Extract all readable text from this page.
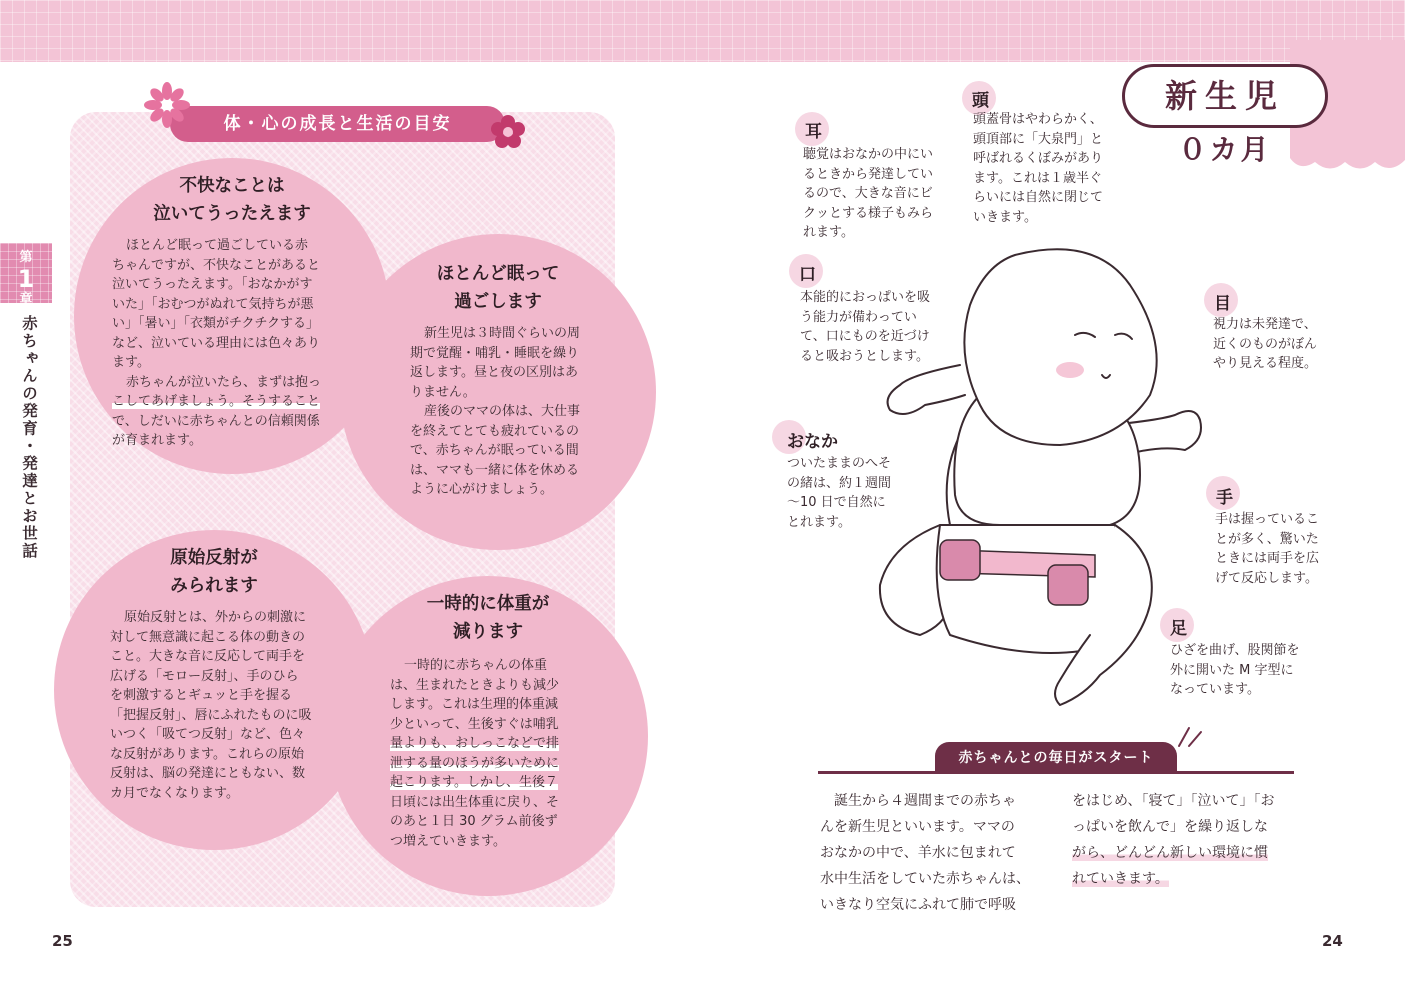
第
1
章
赤ちゃんの発育・発達とお世話
体・心の成長と生活の目安
不快なことは
泣いてうったえます
ほとんど眠って過ごしている赤
ちゃんですが、不快なことがあると
泣いてうったえます。「おなかがす
いた」「おむつがぬれて気持ちが悪
い」「暑い」「衣類がチクチクする」
など、泣いている理由には色々あり
ます。
赤ちゃんが泣いたら、まずは抱っ
こしてあげましょう。そうすること
で、しだいに赤ちゃんとの信頼関係
が育まれます。
ほとんど眠って
過ごします
新生児は３時間ぐらいの周
期で覚醒・哺乳・睡眠を繰り
返します。昼と夜の区別はあ
りません。
産後のママの体は、大仕事
を終えてとても疲れているの
で、赤ちゃんが眠っている間
は、ママも一緒に体を休める
ように心がけましょう。
原始反射が
みられます
原始反射とは、外からの刺激に
対して無意識に起こる体の動きの
こと。大きな音に反応して両手を
広げる「モロー反射」、手のひら
を刺激するとギュッと手を握る
「把握反射」、唇にふれたものに吸
いつく「吸てつ反射」など、色々
な反射があります。これらの原始
反射は、脳の発達にともない、数
カ月でなくなります。
一時的に体重が
減ります
一時的に赤ちゃんの体重
は、生まれたときよりも減少
します。これは生理的体重減
少といって、生後すぐは哺乳
量よりも、おしっこなどで排
泄する量のほうが多いために
起こります。しかし、生後７
日頃には出生体重に戻り、そ
のあと１日 30 グラム前後ず
つ増えていきます。
25
新生児
０カ月
耳
聴覚はおなかの中にい
るときから発達してい
るので、大きな音にビ
クッとする様子もみら
れます。
頭
頭蓋骨はやわらかく、
頭頂部に「大泉門」と
呼ばれるくぼみがあり
ます。これは１歳半ぐ
らいには自然に閉じて
いきます。
口
本能的におっぱいを吸
う能力が備わってい
て、口にものを近づけ
ると吸おうとします。
目
視力は未発達で、
近くのものがぼん
やり見える程度。
おなか
ついたままのへそ
の緒は、約１週間
～10 日で自然に
とれます。
手
手は握っているこ
とが多く、驚いた
ときには両手を広
げて反応します。
足
ひざを曲げ、股関節を
外に開いた M 字型に
なっています。
赤ちゃんとの毎日がスタート
誕生から４週間までの赤ちゃ
んを新生児といいます。ママの
おなかの中で、羊水に包まれて
水中生活をしていた赤ちゃんは、
いきなり空気にふれて肺で呼吸
をはじめ、「寝て」「泣いて」「お
っぱいを飲んで」を繰り返しな
がら、どんどん新しい環境に慣
れていきます。
24
